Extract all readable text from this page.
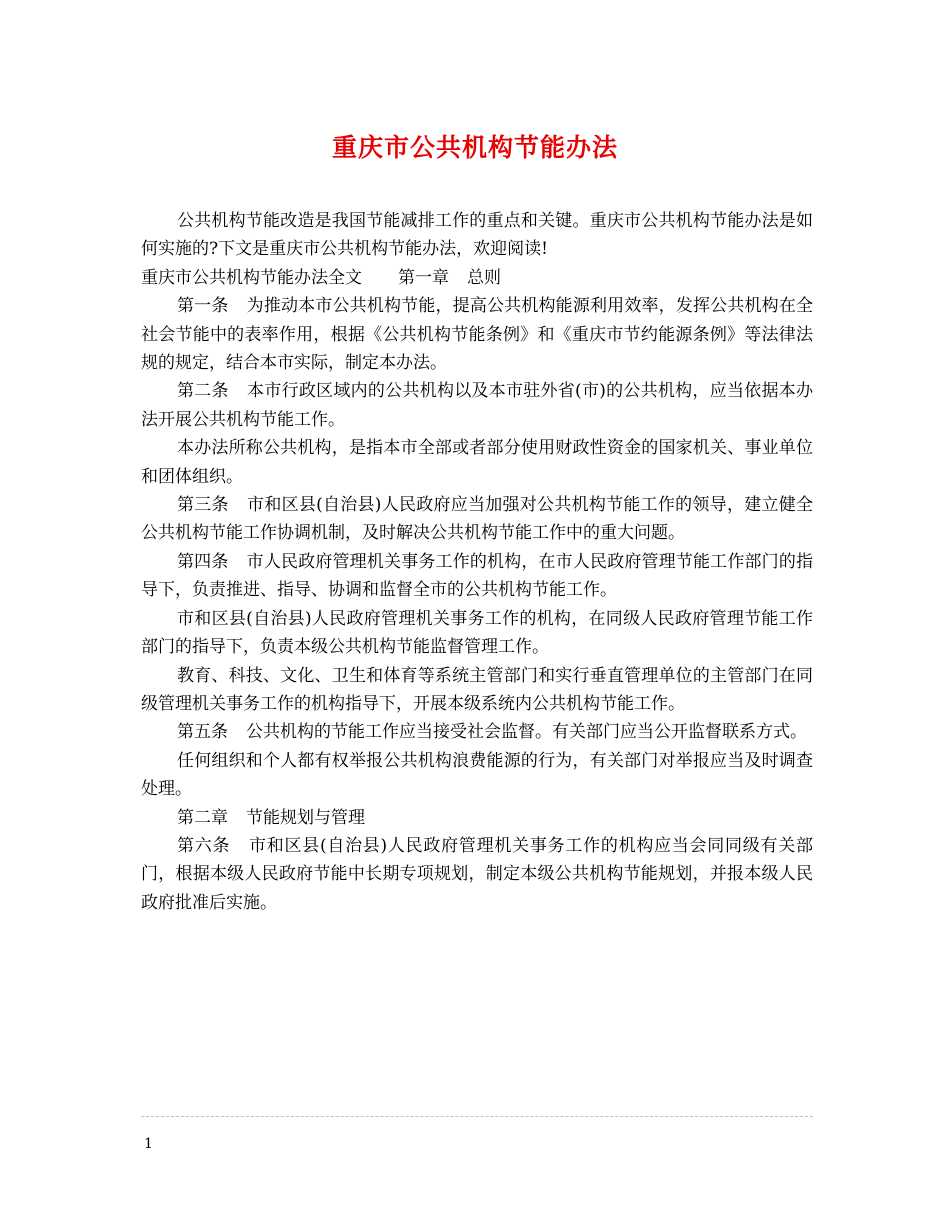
重庆市公共机构节能办法

公共机构节能改造是我国节能减排工作的重点和关键。重庆市公共机构节能办法是如何实施的?下文是重庆市公共机构节能办法，欢迎阅读!

重庆市公共机构节能办法全文 第一章 总则

第一条 为推动本市公共机构节能，提高公共机构能源利用效率，发挥公共机构在全社会节能中的表率作用，根据《公共机构节能条例》和《重庆市节约能源条例》等法律法规的规定，结合本市实际，制定本办法。

第二条 本市行政区域内的公共机构以及本市驻外省(市)的公共机构，应当依据本办法开展公共机构节能工作。

本办法所称公共机构，是指本市全部或者部分使用财政性资金的国家机关、事业单位和团体组织。

第三条 市和区县(自治县)人民政府应当加强对公共机构节能工作的领导，建立健全公共机构节能工作协调机制，及时解决公共机构节能工作中的重大问题。

第四条 市人民政府管理机关事务工作的机构，在市人民政府管理节能工作部门的指导下，负责推进、指导、协调和监督全市的公共机构节能工作。

市和区县(自治县)人民政府管理机关事务工作的机构，在同级人民政府管理节能工作部门的指导下，负责本级公共机构节能监督管理工作。

教育、科技、文化、卫生和体育等系统主管部门和实行垂直管理单位的主管部门在同级管理机关事务工作的机构指导下，开展本级系统内公共机构节能工作。

第五条 公共机构的节能工作应当接受社会监督。有关部门应当公开监督联系方式。

任何组织和个人都有权举报公共机构浪费能源的行为，有关部门对举报应当及时调查处理。

第二章 节能规划与管理

第六条 市和区县(自治县)人民政府管理机关事务工作的机构应当会同同级有关部门，根据本级人民政府节能中长期专项规划，制定本级公共机构节能规划，并报本级人民政府批准后实施。

1
